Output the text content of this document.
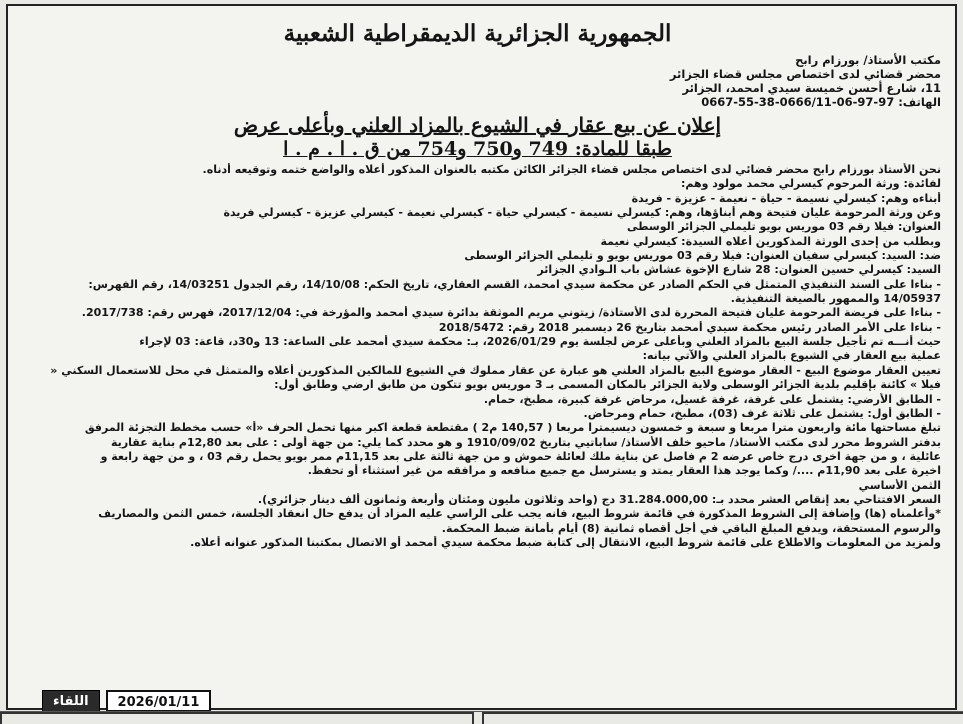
الجمهورية الجزائرية الديمقراطية الشعبية
مكتب الأستاذ/ بورزام رابح
محضر قضائي لدى اختصاص مجلس قضاء الجزائر
11، شارع أحسن خميسة سيدي امحمد، الجزائر
الهاتف: 97-97-06-0666/11-38-55-0667
إعلان عن بيع عقار في الشيوع بالمزاد العلني وبأعلى عرض
طبقا للمادة: 749 و750 و754 من ق . ا . م . ا
نحن الأستاذ بورزام رابح محضر قضائي لدى اختصاص مجلس قضاء الجزائر الكائن مكتبه بالعنوان المذكور أعلاه والواضع ختمه وتوقيعه أدناه.
لفائدة: ورثة المرحوم كيسرلي محمد مولود وهم:
أبناءه وهم: كيسرلي نسيمة - حياة - نعيمة - عزيزة - فريدة
وعن ورثة المرحومة عليان فتيحة وهم أبناؤها، وهم: كيسرلي نسيمة - كيسرلي حياة - كيسرلي نعيمة - كيسرلي عزيزة - كيسرلي فريدة
العنوان: فيلا رقم 03 موريس بويو تليملي الجزائر الوسطى
وبطلب من إحدى الورثة المذكورين أعلاه السيدة: كيسرلي نعيمة
ضد: السيد: كيسرلي سفيان العنوان: فيلا رقم 03 موريس بويو و تليملي الجزائر الوسطى
السيد: كيسرلي حسين العنوان: 28 شارع الإخوة عشاش باب الـوادي الجزائر
- بناءا على السند التنفيذي المتمثل في الحكم الصادر عن محكمة سيدي امحمد، القسم العقاري، تاريخ الحكم: 14/10/08، رقم الجدول 14/03251، رقم الفهرس:
14/05937 والممهور بالصيغة التنفيذية.
- بناءا على فريضة المرحومة عليان فتيحة المحررة لدى الأستاذة/ زيتوني مريم الموثقة بدائرة سيدي أمحمد والمؤرخة في: 2017/12/04، فهرس رقم: 2017/738.
- بناءا على الأمر الصادر رئيس محكمة سيدي أمحمد بتاريخ 26 ديسمبر 2018 رقم: 2018/5472
حيث أنـــه تم تأجيل جلسة البيع بالمزاد العلني وبأعلى عرض لجلسة يوم 2026/01/29، بـ: محكمة سيدي أمحمد على الساعة: 13 و30د، قاعة: 03 لإجراء
عملية بيع العقار في الشيوع بالمزاد العلني والآتي بيانه:
تعيين العقار موضوع البيع - العقار موضوع البيع بالمزاد العلني هو عبارة عن عقار مملوك في الشيوع للمالكين المذكورين أعلاه والمتمثل في محل للاستعمال السكني «
فيلا » كائنة بإقليم بلدية الجزائر الوسطى ولاية الجزائر بالمكان المسمى بـ 3 موريس بويو تتكون من طابق ارضي وطابق أول:
- الطابق الأرضي: يشتمل على غرفة، غرفة غسيل، مرحاض غرفة كبيرة، مطبخ، حمام.
- الطابق أول: يشتمل على ثلاثة غرف (03)، مطبخ، حمام ومرحاض.
تبلغ مساحتها مائة واربعون مترا مربعا و سبعة و خمسون ديسيمترا مربعا ( 140,57 م2 ) مقتطعة قطعة اكبر منها تحمل الحرف «أ» حسب مخطط التجزئة المرفق
بدفتر الشروط محرر لدى مكتب الأستاذ/ ماحيو خلف الأستاذ/ ساباتيي بتاريخ 1910/09/02 و هو محدد كما يلي: من جهة أولى : على بعد 12,80م بناية عقارية
عائلية ، و من جهة اخرى درج خاص عرضه 2 م فاصل عن بناية ملك لعائلة حموش و من جهة ثالثة على بعد 11,15م ممر بويو يحمل رقم 03 ، و من جهة رابعة و
اخيرة على بعد 11,90م ..../ وكما يوجد هذا العقار يمتد و يسترسل مع جميع منافعه و مرافقه من غير استثناء أو تحفظ.
الثمن الأساسي
السعر الافتتاحي بعد إنقاص العشر محدد بـ: 31.284.000,00 دج (واحد وثلاثون مليون ومئتان وأربعة وثمانون ألف دينار جزائري).
*وأعلمناه (ها) وإضافة إلى الشروط المذكورة في قائمة شروط البيع، فانه يجب على الراسي عليه المزاد أن يدفع حال انعقاد الجلسة، خمس الثمن والمصاريف
والرسوم المستحقة، ويدفع المبلغ الباقي في أجل أقصاه ثمانية (8) أيام بأمانة ضبط المحكمة.
ولمزيد من المعلومات والاطلاع على قائمة شروط البيع، الانتقال إلى كتابة ضبط محكمة سيدي أمحمد أو الاتصال بمكتبنا المذكور عنوانه أعلاه.
اللقاء	2026/01/11
